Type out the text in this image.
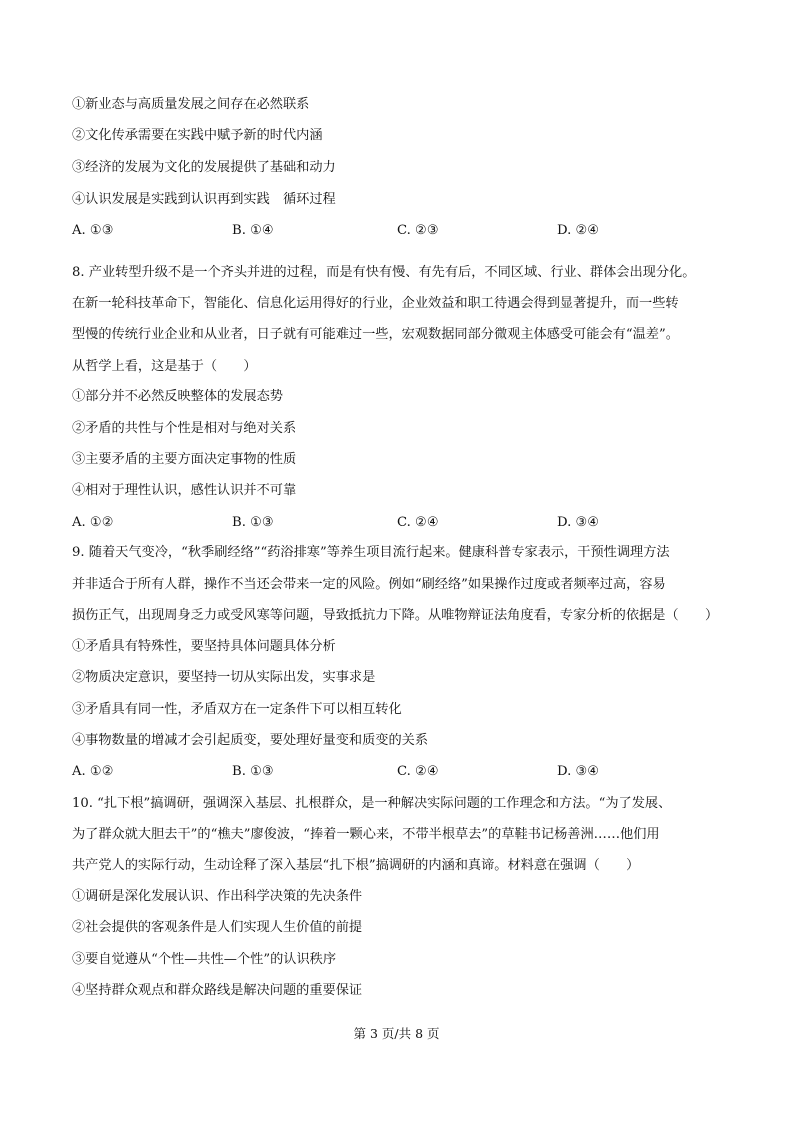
①新业态与高质量发展之间存在必然联系
②文化传承需要在实践中赋予新的时代内涵
③经济的发展为文化的发展提供了基础和动力
④认识发展是实践到认识再到实践　循环过程
A. ①③	B. ①④	C. ②③	D. ②④
8. 产业转型升级不是一个齐头并进的过程，而是有快有慢、有先有后，不同区域、行业、群体会出现分化。
在新一轮科技革命下，智能化、信息化运用得好的行业，企业效益和职工待遇会得到显著提升，而一些转
型慢的传统行业企业和从业者，日子就有可能难过一些，宏观数据同部分微观主体感受可能会有“温差”。
从哲学上看，这是基于（　　）
①部分并不必然反映整体的发展态势
②矛盾的共性与个性是相对与绝对关系
③主要矛盾的主要方面决定事物的性质
④相对于理性认识，感性认识并不可靠
A. ①②	B. ①③	C. ②④	D. ③④
9. 随着天气变冷，“秋季刷经络”“药浴排寒”等养生项目流行起来。健康科普专家表示，干预性调理方法
并非适合于所有人群，操作不当还会带来一定的风险。例如“刷经络”如果操作过度或者频率过高，容易
损伤正气，出现周身乏力或受风寒等问题，导致抵抗力下降。从唯物辩证法角度看，专家分析的依据是（　　）
①矛盾具有特殊性，要坚持具体问题具体分析
②物质决定意识，要坚持一切从实际出发，实事求是
③矛盾具有同一性，矛盾双方在一定条件下可以相互转化
④事物数量的增减才会引起质变，要处理好量变和质变的关系
A. ①②	B. ①③	C. ②④	D. ③④
10. “扎下根”搞调研，强调深入基层、扎根群众，是一种解决实际问题的工作理念和方法。“为了发展、
为了群众就大胆去干”的“樵夫”廖俊波，“捧着一颗心来，不带半根草去”的草鞋书记杨善洲……他们用
共产党人的实际行动，生动诠释了深入基层“扎下根”搞调研的内涵和真谛。材料意在强调（　　）
①调研是深化发展认识、作出科学决策的先决条件
②社会提供的客观条件是人们实现人生价值的前提
③要自觉遵从“个性—共性—个性”的认识秩序
④坚持群众观点和群众路线是解决问题的重要保证
第 3 页/共 8 页
